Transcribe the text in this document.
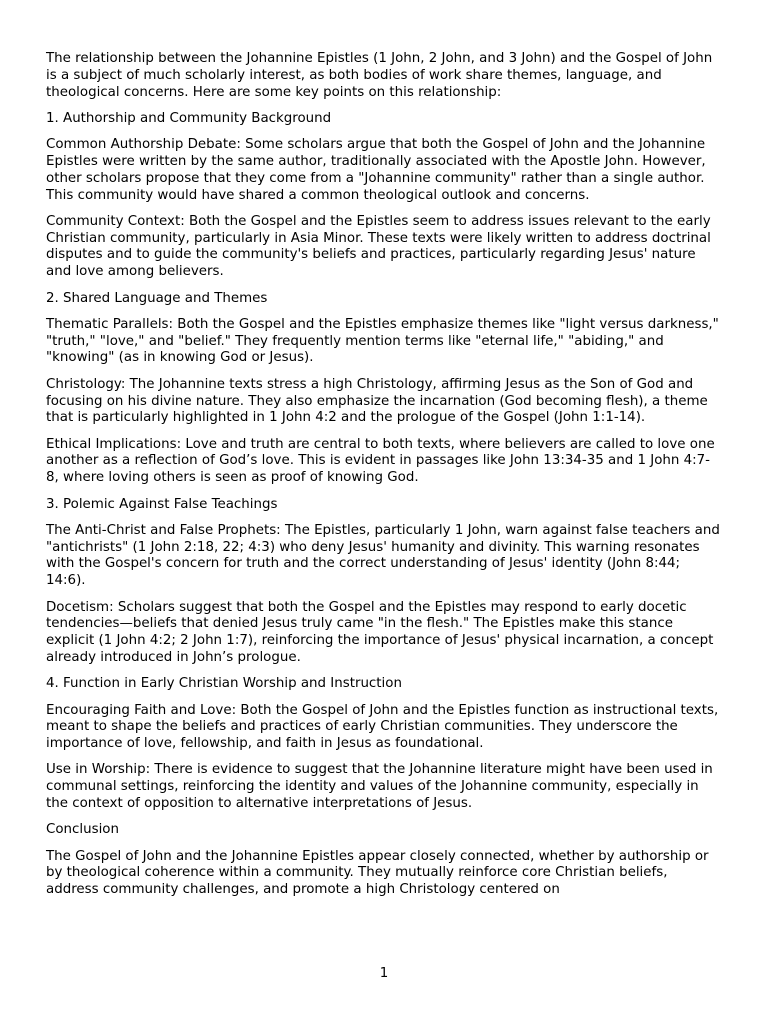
The relationship between the Johannine Epistles (1 John, 2 John, and 3 John) and the Gospel of John is a subject of much scholarly interest, as both bodies of work share themes, language, and theological concerns. Here are some key points on this relationship:

1. Authorship and Community Background

Common Authorship Debate: Some scholars argue that both the Gospel of John and the Johannine Epistles were written by the same author, traditionally associated with the Apostle John. However, other scholars propose that they come from a "Johannine community" rather than a single author. This community would have shared a common theological outlook and concerns.

Community Context: Both the Gospel and the Epistles seem to address issues relevant to the early Christian community, particularly in Asia Minor. These texts were likely written to address doctrinal disputes and to guide the community's beliefs and practices, particularly regarding Jesus' nature and love among believers.

2. Shared Language and Themes

Thematic Parallels: Both the Gospel and the Epistles emphasize themes like "light versus darkness," "truth," "love," and "belief." They frequently mention terms like "eternal life," "abiding," and "knowing" (as in knowing God or Jesus).

Christology: The Johannine texts stress a high Christology, affirming Jesus as the Son of God and focusing on his divine nature. They also emphasize the incarnation (God becoming flesh), a theme that is particularly highlighted in 1 John 4:2 and the prologue of the Gospel (John 1:1-14).

Ethical Implications: Love and truth are central to both texts, where believers are called to love one another as a reflection of God’s love. This is evident in passages like John 13:34-35 and 1 John 4:7-8, where loving others is seen as proof of knowing God.

3. Polemic Against False Teachings

The Anti-Christ and False Prophets: The Epistles, particularly 1 John, warn against false teachers and "antichrists" (1 John 2:18, 22; 4:3) who deny Jesus' humanity and divinity. This warning resonates with the Gospel's concern for truth and the correct understanding of Jesus' identity (John 8:44; 14:6).

Docetism: Scholars suggest that both the Gospel and the Epistles may respond to early docetic tendencies—beliefs that denied Jesus truly came "in the flesh." The Epistles make this stance explicit (1 John 4:2; 2 John 1:7), reinforcing the importance of Jesus' physical incarnation, a concept already introduced in John’s prologue.

4. Function in Early Christian Worship and Instruction

Encouraging Faith and Love: Both the Gospel of John and the Epistles function as instructional texts, meant to shape the beliefs and practices of early Christian communities. They underscore the importance of love, fellowship, and faith in Jesus as foundational.

Use in Worship: There is evidence to suggest that the Johannine literature might have been used in communal settings, reinforcing the identity and values of the Johannine community, especially in the context of opposition to alternative interpretations of Jesus.

Conclusion

The Gospel of John and the Johannine Epistles appear closely connected, whether by authorship or by theological coherence within a community. They mutually reinforce core Christian beliefs, address community challenges, and promote a high Christology centered on

1
